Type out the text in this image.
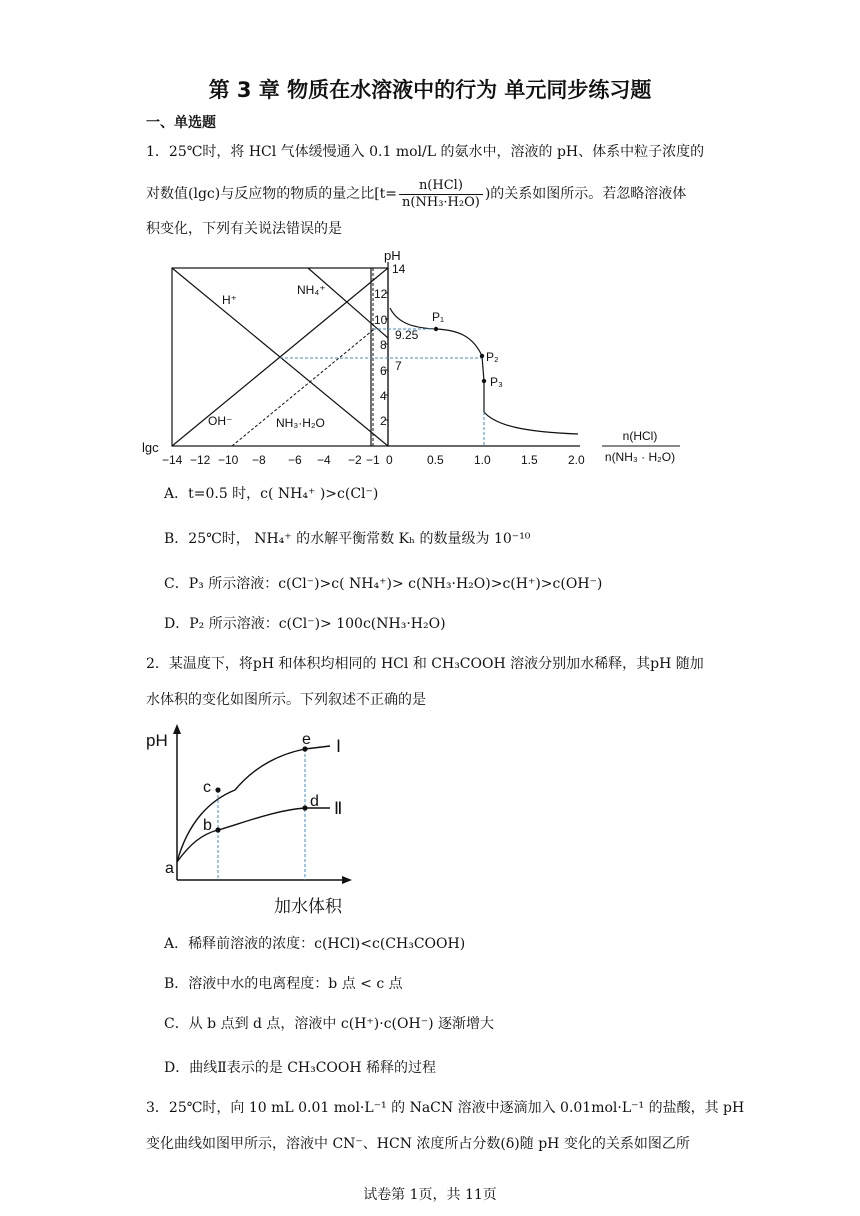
第 3 章 物质在水溶液中的行为 单元同步练习题
一、单选题
1．25℃时，将 HCl 气体缓慢通入 0.1 mol/L 的氨水中，溶液的 pH、体系中粒子浓度的
对数值(lgc)与反应物的物质的量之比[$t= \frac{\text{n(HCl)}}{\text{n(NH₃·H₂O)}}$ )的关系如图所示。若忽略溶液体
积变化，下列有关说法错误的是
pH
14
12
10
8
6
4
2
9.25
7
lgc
−14 −12 −10 −8 −6 −4 −2 −1 0	0.5	1.0	1.5	2.0
H⁺
NH₄⁺
OH⁻	NH₃·H₂O
P₁
P₂
P₃
n(HCl)
n(NH₃ · H₂O)
A．t=0.5 时，c( NH₄⁺ )>c(Cl⁻)
B．25℃时， NH₄⁺ 的水解平衡常数 Kₕ 的数量级为 10⁻¹⁰
C．P₃ 所示溶液：c(Cl⁻)>c( NH₄⁺)> c(NH₃·H₂O)>c(H⁺)>c(OH⁻)
D．P₂ 所示溶液：c(Cl⁻)> 100c(NH₃·H₂O)
2．某温度下，将pH 和体积均相同的 HCl 和 CH₃COOH 溶液分别加水稀释，其pH 随加
水体积的变化如图所示。下列叙述不正确的是
pH
加水体积
Ⅰ
Ⅱ
a
b
c
d
e
A．稀释前溶液的浓度：c(HCl)<c(CH₃COOH)
B．溶液中水的电离程度：b 点 < c 点
C．从 b 点到 d 点，溶液中 c(H⁺)·c(OH⁻) 逐渐增大
D．曲线Ⅱ表示的是 CH₃COOH 稀释的过程
3．25℃时，向 10 mL 0.01 mol·L⁻¹ 的 NaCN 溶液中逐滴加入 0.01mol·L⁻¹ 的盐酸，其 pH
变化曲线如图甲所示，溶液中 CN⁻、HCN 浓度所占分数(δ)随 pH 变化的关系如图乙所
试卷第 1页，共 11页
